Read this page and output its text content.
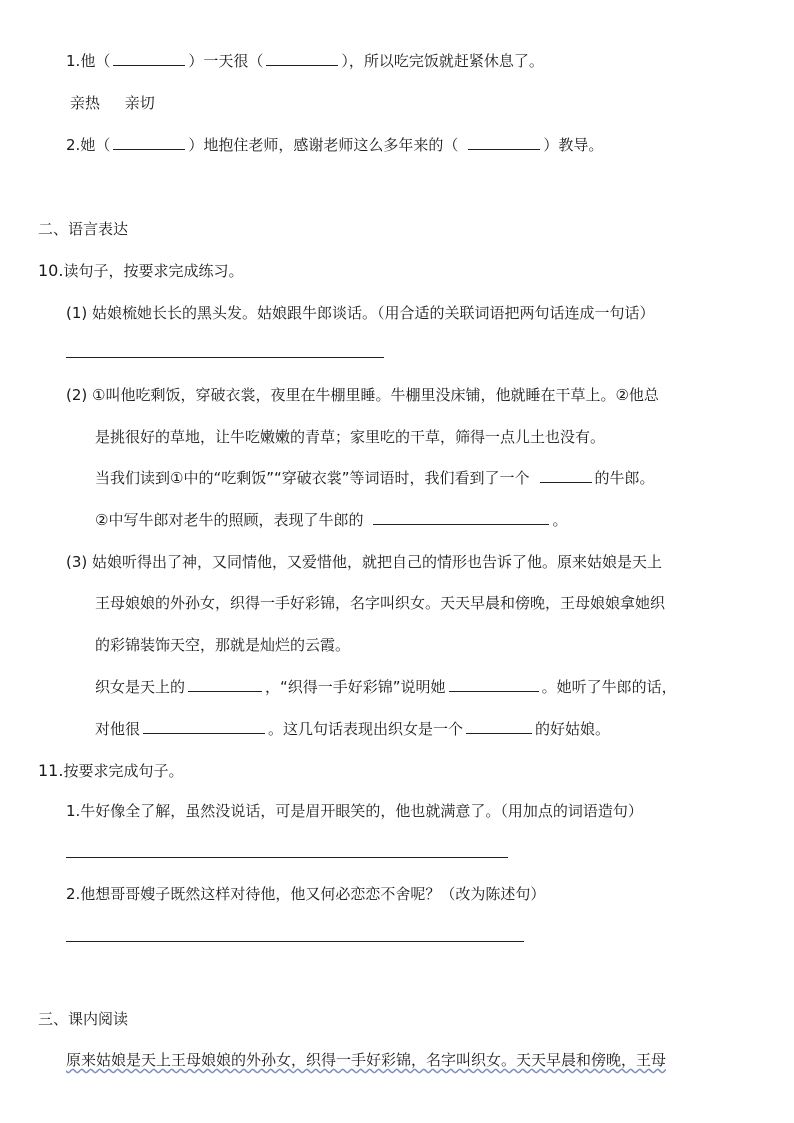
1.他（	）一天很（	），所以吃完饭就赶紧休息了。
亲热 亲切
2.她（	）地抱住老师，感谢老师这么多年来的（	）教导。
二、语言表达
10.读句子，按要求完成练习。
(1) 姑娘梳她长长的黑头发。姑娘跟牛郎谈话。（用合适的关联词语把两句话连成一句话）
(2) ①叫他吃剩饭，穿破衣裳，夜里在牛棚里睡。牛棚里没床铺，他就睡在干草上。②他总
是挑很好的草地，让牛吃嫩嫩的青草；家里吃的干草，筛得一点儿土也没有。
当我们读到①中的“吃剩饭”“穿破衣裳”等词语时，我们看到了一个	的牛郎。
②中写牛郎对老牛的照顾，表现了牛郎的	。
(3) 姑娘听得出了神，又同情他，又爱惜他，就把自己的情形也告诉了他。原来姑娘是天上
王母娘娘的外孙女，织得一手好彩锦，名字叫织女。天天早晨和傍晚，王母娘娘拿她织
的彩锦装饰天空，那就是灿烂的云霞。
织女是天上的	，“织得一手好彩锦”说明她	。她听了牛郎的话，
对他很	。这几句话表现出织女是一个	的好姑娘。
11.按要求完成句子。
1.牛好像全了解，虽然没说话，可是眉开眼笑的，他也就满意了。（用加点的词语造句）
2.他想哥哥嫂子既然这样对待他，他又何必恋恋不舍呢？（改为陈述句）
三、课内阅读
原来姑娘是天上王母娘娘的外孙女，织得一手好彩锦，名字叫织女。天天早晨和傍晚，王母
